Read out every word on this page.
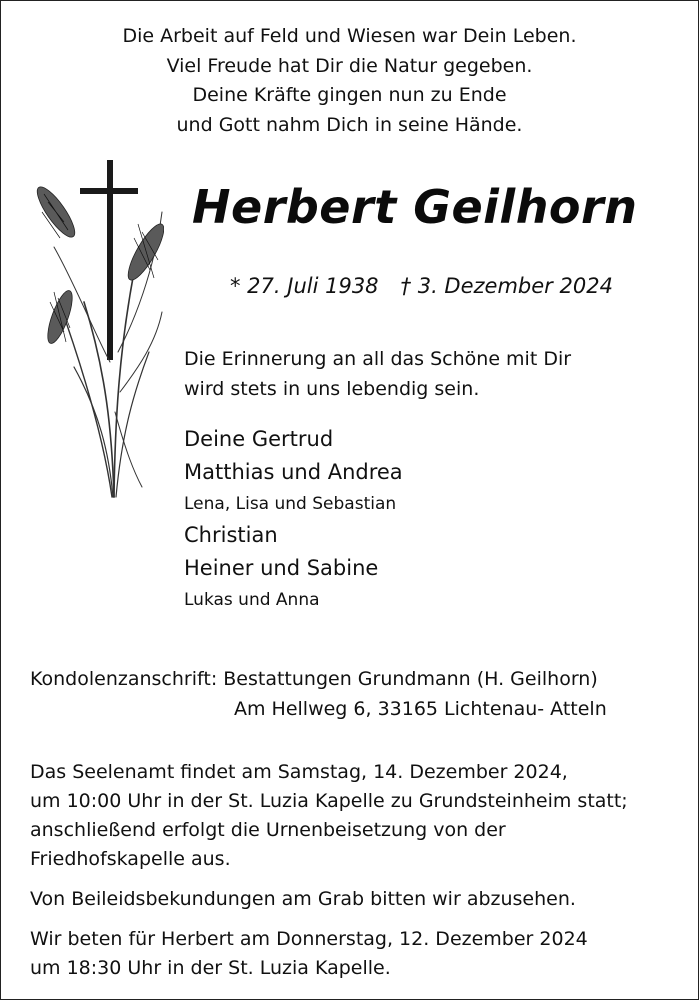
Die Arbeit auf Feld und Wiesen war Dein Leben.
Viel Freude hat Dir die Natur gegeben.
Deine Kräfte gingen nun zu Ende
und Gott nahm Dich in seine Hände.
Herbert Geilhorn
* 27. Juli 1938 † 3. Dezember 2024
Die Erinnerung an all das Schöne mit Dir
wird stets in uns lebendig sein.
Deine Gertrud
Matthias und Andrea
Lena, Lisa und Sebastian
Christian
Heiner und Sabine
Lukas und Anna
Kondolenzanschrift: Bestattungen Grundmann (H. Geilhorn)
Am Hellweg 6, 33165 Lichtenau- Atteln

Das Seelenamt findet am Samstag, 14. Dezember 2024,
um 10:00 Uhr in der St. Luzia Kapelle zu Grundsteinheim statt;
anschließend erfolgt die Urnenbeisetzung von der
Friedhofskapelle aus.

Von Beileidsbekundungen am Grab bitten wir abzusehen.

Wir beten für Herbert am Donnerstag, 12. Dezember 2024
um 18:30 Uhr in der St. Luzia Kapelle.
